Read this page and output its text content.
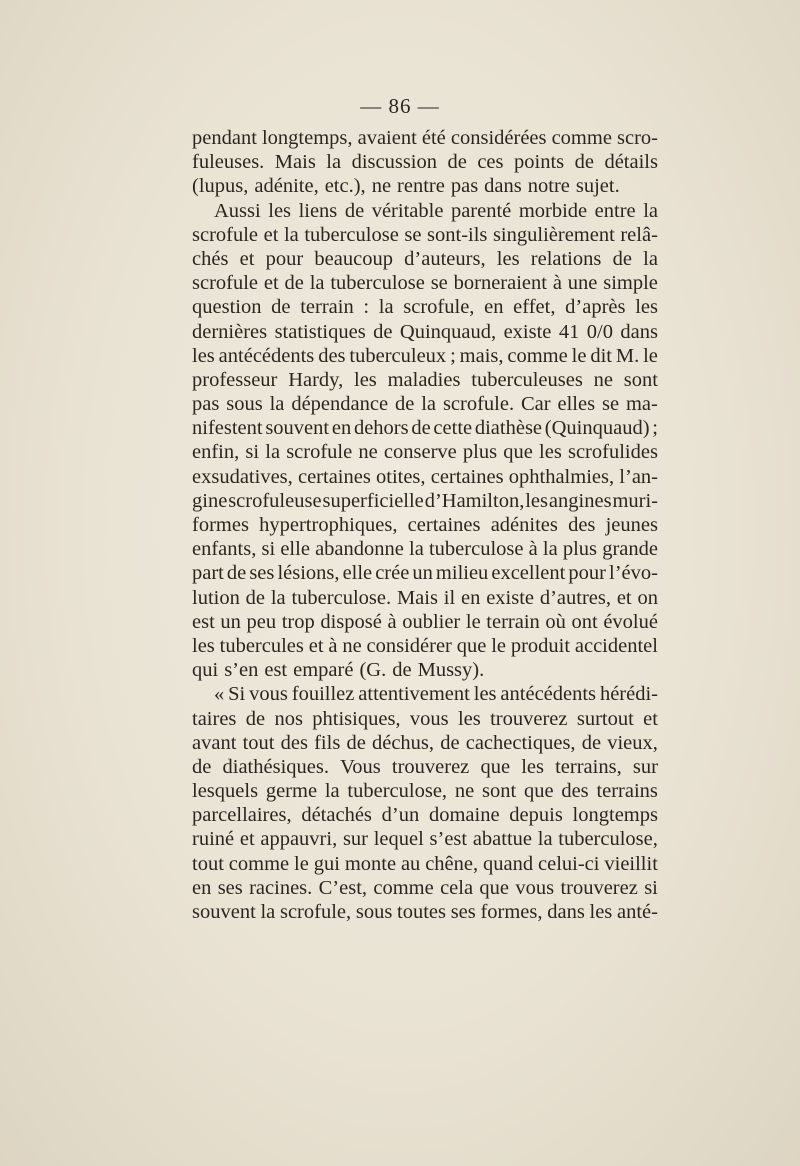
— 86 —
pendant longtemps, avaient été considérées comme scro-
fuleuses. Mais la discussion de ces points de détails
(lupus, adénite, etc.), ne rentre pas dans notre sujet.
Aussi les liens de véritable parenté morbide entre la
scrofule et la tuberculose se sont-ils singulièrement relâ-
chés et pour beaucoup d’auteurs, les relations de la
scrofule et de la tuberculose se borneraient à une simple
question de terrain : la scrofule, en effet, d’après les
dernières statistiques de Quinquaud, existe 41 0/0 dans
les antécédents des tuberculeux ; mais, comme le dit M. le
professeur Hardy, les maladies tuberculeuses ne sont
pas sous la dépendance de la scrofule. Car elles se ma-
nifestent souvent en dehors de cette diathèse (Quinquaud) ;
enfin, si la scrofule ne conserve plus que les scrofulides
exsudatives, certaines otites, certaines ophthalmies, l’an-
gine scrofuleuse superficielle d’Hamilton, les angines muri-
formes hypertrophiques, certaines adénites des jeunes
enfants, si elle abandonne la tuberculose à la plus grande
part de ses lésions, elle crée un milieu excellent pour l’évo-
lution de la tuberculose. Mais il en existe d’autres, et on
est un peu trop disposé à oublier le terrain où ont évolué
les tubercules et à ne considérer que le produit accidentel
qui s’en est emparé (G. de Mussy).
« Si vous fouillez attentivement les antécédents hérédi-
taires de nos phtisiques, vous les trouverez surtout et
avant tout des fils de déchus, de cachectiques, de vieux,
de diathésiques. Vous trouverez que les terrains, sur
lesquels germe la tuberculose, ne sont que des terrains
parcellaires, détachés d’un domaine depuis longtemps
ruiné et appauvri, sur lequel s’est abattue la tuberculose,
tout comme le gui monte au chêne, quand celui-ci vieillit
en ses racines. C’est, comme cela que vous trouverez si
souvent la scrofule, sous toutes ses formes, dans les anté-
